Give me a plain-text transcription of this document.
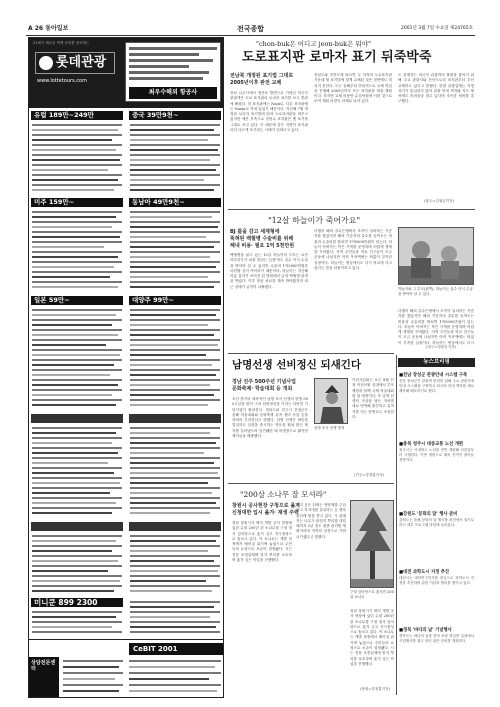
A 26 동아일보	전국종합	2001년 3월 7일 수요일 제24765호
21세기 새로운 여행 문화를 창조하는
롯데관광
www.lottetours.com
최우수해외 항공사
유럽 189만~249만	중국 39만9천~
미주 159만~	동남아 49만9천~
일본 59만~	대양주 99만~
미니쿤 899 2300
CeBIT 2001
상담전문센터
"chon-buk은 어디고 jeon-buk은 뭐야"
도로표지판 로마자 표기 뒤죽박죽
전남북 개정된 표기법 그대로
2005년이후 완전 교체
전남 나주시에서 영산포 방면으로 가려던 미국인 관광객은 도로 표지판의 로마자 표기를 보고 혼란에 빠졌다. 한 표지판에는 Naju로, 다른 표지판에는 Naeju로 적혀 있었기 때문이다. 지난해 7월 개정된 로마자 표기법에 따라 도로표지판을 바꾸고 있지만 예산 부족으로 상당수 표지판은 옛 표기를 그대로 쓰고 있다. 이 때문에 같은 지명이 표지판마다 다르게 표기되는 사례가 잇따르고 있다.
전남도와 전북도에 따르면 두 지역의 도로표지판 가운데 새 표기법에 맞게 교체된 것은 절반에도 미치지 못한다. 도는 올해부터 연차적으로 교체 작업을 진행해 2005년까지 모든 표지판을 바꿀 계획이다. 하지만 교체 비용만 수십억원에 이를 것으로 보여 재원 마련이 과제로 남아 있다.
도 관계자는 외국인 관광객의 불편을 줄이기 위해 주요 관광지와 간선도로의 표지판부터 우선 교체하고 있다고 밝혔다. 한편 관광업계는 지명 표기가 통일되지 않아 관광 안내 책자와 지도 제작에도 어려움을 겪고 있다며 조속한 정비를 촉구했다.
(광주=김권일기자)
"12살 하늘이가 죽어가요"
BJ 틀을 감고 세계형에
뚝혀된 백혈병 수술비를 위해
해내 비용· 필요 1억 5천만원
백혈병을 앓고 있는 12살 하늘이의 부모는 요즘 하루하루가 피를 말리는 심정이다. 골수 이식 수술을 받아야 살 수 있지만 수술비 1억5000만원을 마련할 길이 막막하기 때문이다. 하늘이는 지난해 여름 갑자기 쓰러진 뒤 병원에서 급성 백혈병 판정을 받았다. 이후 항암 치료를 계속 받아왔지만 최근 상태가 급격히 나빠졌다.
다행히 해외 골수은행에서 조직이 일치하는 기증자를 찾았지만 해외 기증자의 골수를 들여오는 비용과 수술비를 합치면 1억5000만원이 넘는다. 하늘이 아버지는 작은 가게를 운영하며 어렵게 생계를 꾸려왔다. 지역 주민들과 학교 친구들이 모금 운동에 나섰지만 아직 목표액에는 턱없이 부족한 실정이다. 하늘이는 병상에서도 다시 학교에 가고 싶다는 말을 되풀이하고 있다.
하늘이와 그 부모(왼쪽). 하늘이는 골수 이식 수술을 받아야 살 수 있다.
다행히 해외 골수은행에서 조직이 일치하는 기증자를 찾았지만 해외 기증자의 골수를 들여오는 비용과 수술비를 합치면 1억5000만원이 넘는다. 하늘이 아버지는 작은 가게를 운영하며 어렵게 생계를 꾸려왔다. 지역 주민들과 학교 친구들이 모금 운동에 나섰지만 아직 목표액에는 턱없이 부족한 실정이다. 하늘이는 병상에서도 다시
(대구=정용균기자)
남명선생 선비정신 되새긴다
경남 진주 500주년 기념사업
문화축제· 학술대회 등 개최
조선 중기의 대학자인 남명 조식 선생의 탄생 500주년을 맞아 그의 선비정신을 기리는 다양한 기념사업이 펼쳐진다. 경남도와 진주시 산청군은 올해 학술대회와 문화축제 유적 정비 사업 등을 잇따라 추진한다고 밝혔다. 남명 선생은 벼슬을 멀리하고 실천을 중시하는 학문을 펼쳐 많은 제자를 길러냈으며 임진왜란 때 의병장으로 활약한 제자들을 배출했다.
남명 조식 선생 영정
기념사업회는 오는 8월 산청 덕천서원 일대에서 추모 제향과 함께 국제 학술대회를 열 예정이다. 또 남명 선생의 사상을 담은 저서를 새로 번역해 출간하고 유적지를 잇는 탐방로도 조성한다.
(진주=강정훈기자)
"200살 소나무 잘 모셔라"
창원시 공사현장 구청으로 옮겨
신청대한 입시 옮겨· 재생 주력
경남 창원시가 택지 개발 공사 현장에 있던 수령 200년 된 소나무를 구청 청사 앞마당으로 옮겨 심고 지극정성으로 돌보고 있다. 이 소나무는 개발 과정에서 베어질 위기에 놓였으나 주민들의 요청으로 보존이 결정됐다. 시는 전문 조경업체에 맡겨 뿌리를 보호하며 옮겨 심는 작업을 진행했다.
옮겨 심은 뒤에는 영양제를 주입하고 지지대를 설치하는 등 생육 관리에 힘을 쏟고 있다. 시 관계자는 나무가 완전히 뿌리를 내릴 때까지 2년 정도 집중 관리할 계획이라며 지역의 상징으로 가꿔 나가겠다고 말했다.
구청 앞마당으로 옮겨진 200살 소나무
경남 창원시가 택지 개발 공사 현장에 있던 수령 200년 된 소나무를 구청 청사 앞마당으로 옮겨 심고 지극정성으로 돌보고 있다. 이 소나무는 개발 과정에서 베어질 위기에 놓였으나 주민들의 요청으로 보존이 결정됐다. 시는 전문 조경업체에 맡겨 뿌리를 보호하며 옮겨 심는 작업을 진행했다.
(창원=강정훈기자)
뉴스브리핑
■전남 장성군 관광안내 시스템 구축
전남 장성군은 관광객 편의를 위해 주요 관광지에 안내 시스템을 구축하고 외국어 안내 책자를 새로 제작해 배포하기로 했다.
■충북 청주시 대중교통 노선 개편
청주시는 시내버스 노선을 전면 개편해 다음달부터 시행한다. 이번 개편으로 배차 간격이 줄어들 전망이다.
■강원도 '문화의 달' 행사 준비
강원도는 올해 문화의 달 행사를 춘천에서 열기로 하고 세부 프로그램 마련에 들어갔다.
■대전 과학도시 지정 추진
대전시는 대덕연구단지를 중심으로 과학도시 지정을 추진하며 관련 기관과 협의를 벌이고 있다.
■경북 '바다의 날' 기념행사
경북도는 바다의 날을 맞아 포항 영일만 일대에서 기념행사를 열고 어민 위안 잔치를 개최한다.
